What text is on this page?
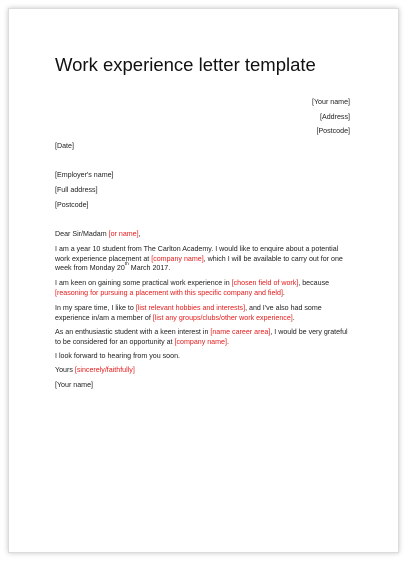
Work experience letter template
[Your name]
[Address]
[Postcode]
[Date]
[Employer's name]
[Full address]
[Postcode]
Dear Sir/Madam [or name],
I am a year 10 student from The Carlton Academy. I would like to enquire about a potential work experience placement at [company name], which I will be available to carry out for one week from Monday 20th March 2017.
I am keen on gaining some practical work experience in [chosen field of work], because [reasoning for pursuing a placement with this specific company and field].
In my spare time, I like to [list relevant hobbies and interests], and I've also had some experience in/am a member of [list any groups/clubs/other work experience].
As an enthusiastic student with a keen interest in [name career area], I would be very grateful to be considered for an opportunity at [company name].
I look forward to hearing from you soon.
Yours [sincerely/faithfully]
[Your name]
